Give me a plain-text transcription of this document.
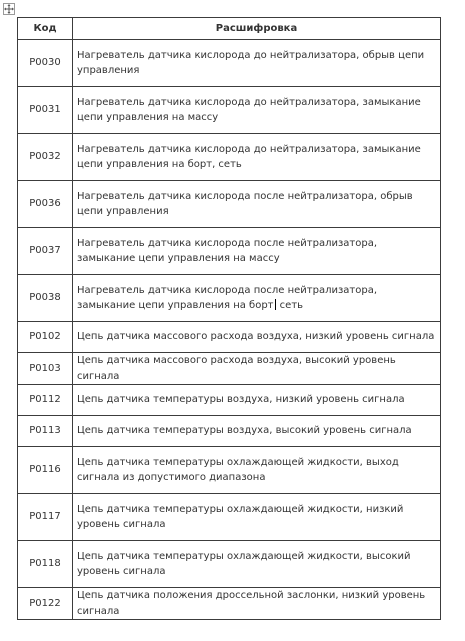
Код	Расшифровка
P0030	Нагреватель датчика кислорода до нейтрализатора, обрыв цепи управления
P0031	Нагреватель датчика кислорода до нейтрализатора, замыкание цепи управления на массу
P0032	Нагреватель датчика кислорода до нейтрализатора, замыкание цепи управления на борт, сеть
P0036	Нагреватель датчика кислорода после нейтрализатора, обрыв цепи управления
P0037	Нагреватель датчика кислорода после нейтрализатора, замыкание цепи управления на массу
P0038	Нагреватель датчика кислорода после нейтрализатора, замыкание цепи управления на борт сеть
P0102	Цепь датчика массового расхода воздуха, низкий уровень сигнала
P0103	Цепь датчика массового расхода воздуха, высокий уровень сигнала
P0112	Цепь датчика температуры воздуха, низкий уровень сигнала
P0113	Цепь датчика температуры воздуха, высокий уровень сигнала
P0116	Цепь датчика температуры охлаждающей жидкости, выход сигнала из допустимого диапазона
P0117	Цепь датчика температуры охлаждающей жидкости, низкий уровень сигнала
P0118	Цепь датчика температуры охлаждающей жидкости, высокий уровень сигнала
P0122	Цепь датчика положения дроссельной заслонки, низкий уровень сигнала
